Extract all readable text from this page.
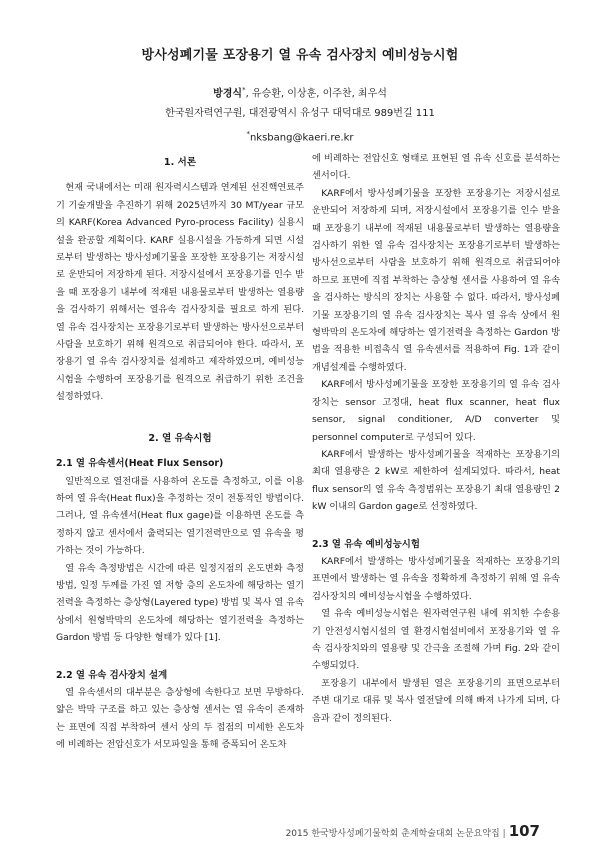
방사성폐기물 포장용기 열 유속 검사장치 예비성능시험
방경식*, 유승환, 이상훈, 이주찬, 최우석
한국원자력연구원, 대전광역시 유성구 대덕대로 989번길 111
*nksbang@kaeri.re.kr
1. 서론

현재 국내에서는 미래 원자력시스템과 연계된 선진핵연료주기 기술개발을 추진하기 위해 2025년까지 30 MT/year 규모의 KARF(Korea Advanced Pyro-process Facility) 실용시설을 완공할 계획이다. KARF 실용시설을 가동하게 되면 시설로부터 발생하는 방사성폐기물을 포장한 포장용기는 저장시설로 운반되어 저장하게 된다. 저장시설에서 포장용기를 인수 받을 때 포장용기 내부에 적재된 내용물로부터 발생하는 열용량을 검사하기 위해서는 열유속 검사장치를 필요로 하게 된다. 열 유속 검사장치는 포장용기로부터 발생하는 방사선으로부터 사람을 보호하기 위해 원격으로 취급되어야 한다. 따라서, 포장용기 열 유속 검사장치를 설계하고 제작하였으며, 예비성능시험을 수행하여 포장용기를 원격으로 취급하기 위한 조건을 설정하였다.

2. 열 유속시험
2.1 열 유속센서(Heat Flux Sensor)

일반적으로 열전대를 사용하여 온도를 측정하고, 이를 이용하여 열 유속(Heat flux)을 추정하는 것이 전통적인 방법이다. 그러나, 열 유속센서(Heat flux gage)를 이용하면 온도를 측정하지 않고 센서에서 출력되는 열기전력만으로 열 유속을 평가하는 것이 가능하다.

열 유속 측정방법은 시간에 따른 일정지점의 온도변화 측정방법, 일정 두께를 가진 열 저항 층의 온도차에 해당하는 열기전력을 측정하는 층상형(Layered type) 방법 및 복사 열 유속 상에서 원형박막의 온도차에 해당하는 열기전력을 측정하는 Gardon 방법 등 다양한 형태가 있다 [1].

2.2 열 유속 검사장치 설계

열 유속센서의 대부분은 층상형에 속한다고 보면 무방하다. 얇은 박막 구조를 하고 있는 층상형 센서는 열 유속이 존재하는 표면에 직접 부착하여 센서 상의 두 접점의 미세한 온도차에 비례하는 전압신호가 서모파일을 통해 증폭되어 온도차

에 비례하는 전압신호 형태로 표현된 열 유속 신호를 분석하는 센서이다.

KARF에서 방사성폐기물을 포장한 포장용기는 저장시설로 운반되어 저장하게 되며, 저장시설에서 포장용기를 인수 받을 때 포장용기 내부에 적재된 내용물로부터 발생하는 열용량을 검사하기 위한 열 유속 검사장치는 포장용기로부터 발생하는 방사선으로부터 사람을 보호하기 위해 원격으로 취급되어야 하므로 표면에 직접 부착하는 층상형 센서를 사용하여 열 유속을 검사하는 방식의 장치는 사용할 수 없다. 따라서, 방사성폐기물 포장용기의 열 유속 검사장치는 복사 열 유속 상에서 원형박막의 온도차에 해당하는 열기전력을 측정하는 Gardon 방법을 적용한 비접촉식 열 유속센서를 적용하여 Fig. 1과 같이 개념설계를 수행하였다.

KARF에서 방사성폐기물을 포장한 포장용기의 열 유속 검사장치는 sensor 고정대, heat flux scanner, heat flux sensor, signal conditioner, A/D converter 및 personnel computer로 구성되어 있다.

KARF에서 발생하는 방사성폐기물을 적재하는 포장용기의 최대 열용량은 2 kW로 제한하여 설계되었다. 따라서, heat flux sensor의 열 유속 측정범위는 포장용기 최대 열용량인 2 kW 이내의 Gardon gage로 선정하였다.

2.3 열 유속 예비성능시험

KARF에서 발생하는 방사성폐기물을 적재하는 포장용기의 표면에서 발생하는 열 유속을 정확하게 측정하기 위해 열 유속 검사장치의 예비성능시험을 수행하였다.

열 유속 예비성능시험은 원자력연구원 내에 위치한 수송용기 안전성시험시설의 열 환경시험설비에서 포장용기와 열 유속 검사장치와의 열용량 및 간극을 조절해 가며 Fig. 2와 같이 수행되었다.

포장용기 내부에서 발생된 열은 포장용기의 표면으로부터 주변 대기로 대류 및 복사 열전달에 의해 빠져 나가게 되며, 다음과 같이 정의된다.

2015 한국방사성폐기물학회 춘계학술대회 논문요약집 | 107
